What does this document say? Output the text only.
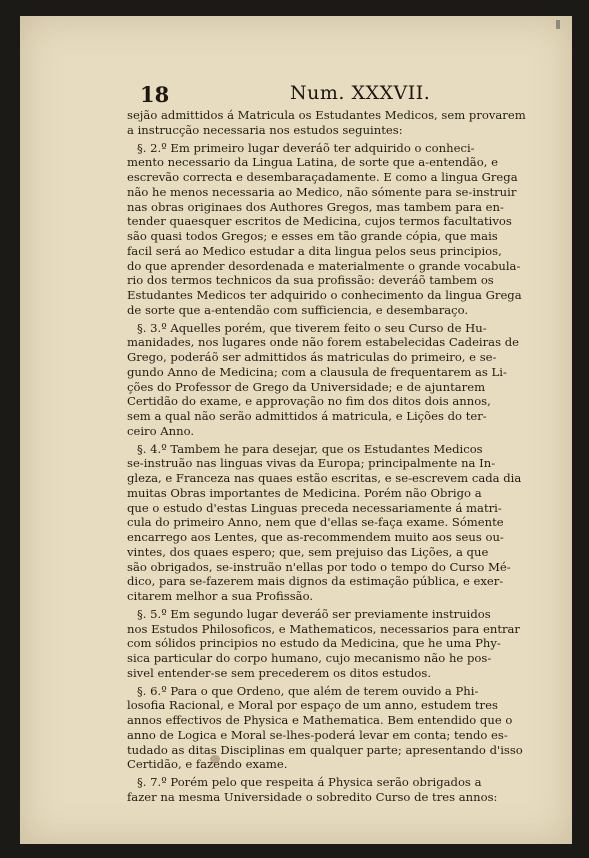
18	Num. XXXVII.
sejão admittidos á Matricula os Estudantes Medicos, sem provarem
a instrucção necessaria nos estudos seguintes:
§. 2.º Em primeiro lugar deveráõ ter adquirido o conheci-
mento necessario da Lingua Latina, de sorte que a-entendão, e
escrevão correcta e desembaraçadamente. E como a lingua Grega
não he menos necessaria ao Medico, não sómente para se-instruir
nas obras originaes dos Authores Gregos, mas tambem para en-
tender quaesquer escritos de Medicina, cujos termos facultativos
são quasi todos Gregos; e esses em tão grande cópia, que mais
facil será ao Medico estudar a dita lingua pelos seus principios,
do que aprender desordenada e materialmente o grande vocabula-
rio dos termos technicos da sua profissão: deveráõ tambem os
Estudantes Medicos ter adquirido o conhecimento da lingua Grega
de sorte que a-entendão com sufficiencia, e desembaraço.
§. 3.º Aquelles porém, que tiverem feito o seu Curso de Hu-
manidades, nos lugares onde não forem estabelecidas Cadeiras de
Grego, poderáõ ser admittidos ás matriculas do primeiro, e se-
gundo Anno de Medicina; com a clausula de frequentarem as Li-
ções do Professor de Grego da Universidade; e de ajuntarem
Certidão do exame, e approvação no fim dos ditos dois annos,
sem a qual não serão admittidos á matricula, e Lições do ter-
ceiro Anno.
§. 4.º Tambem he para desejar, que os Estudantes Medicos
se-instruão nas linguas vivas da Europa; principalmente na In-
gleza, e Franceza nas quaes estão escritas, e se-escrevem cada dia
muitas Obras importantes de Medicina. Porém não Obrigo a
que o estudo d'estas Linguas preceda necessariamente á matri-
cula do primeiro Anno, nem que d'ellas se-faça exame. Sómente
encarrego aos Lentes, que as-recommendem muito aos seus ou-
vintes, dos quaes espero; que, sem prejuiso das Lições, a que
são obrigados, se-instruão n'ellas por todo o tempo do Curso Mé-
dico, para se-fazerem mais dignos da estimação pública, e exer-
citarem melhor a sua Profissão.
§. 5.º Em segundo lugar deveráõ ser previamente instruidos
nos Estudos Philosoficos, e Mathematicos, necessarios para entrar
com sólidos principios no estudo da Medicina, que he uma Phy-
sica particular do corpo humano, cujo mecanismo não he pos-
sivel entender-se sem precederem os ditos estudos.
§. 6.º Para o que Ordeno, que além de terem ouvido a Phi-
losofia Racional, e Moral por espaço de um anno, estudem tres
annos effectivos de Physica e Mathematica. Bem entendido que o
anno de Logica e Moral se-lhes-poderá levar em conta; tendo es-
tudado as ditas Disciplinas em qualquer parte; apresentando d'isso
Certidão, e fazendo exame.
§. 7.º Porém pelo que respeita á Physica serão obrigados a
fazer na mesma Universidade o sobredito Curso de tres annos:
